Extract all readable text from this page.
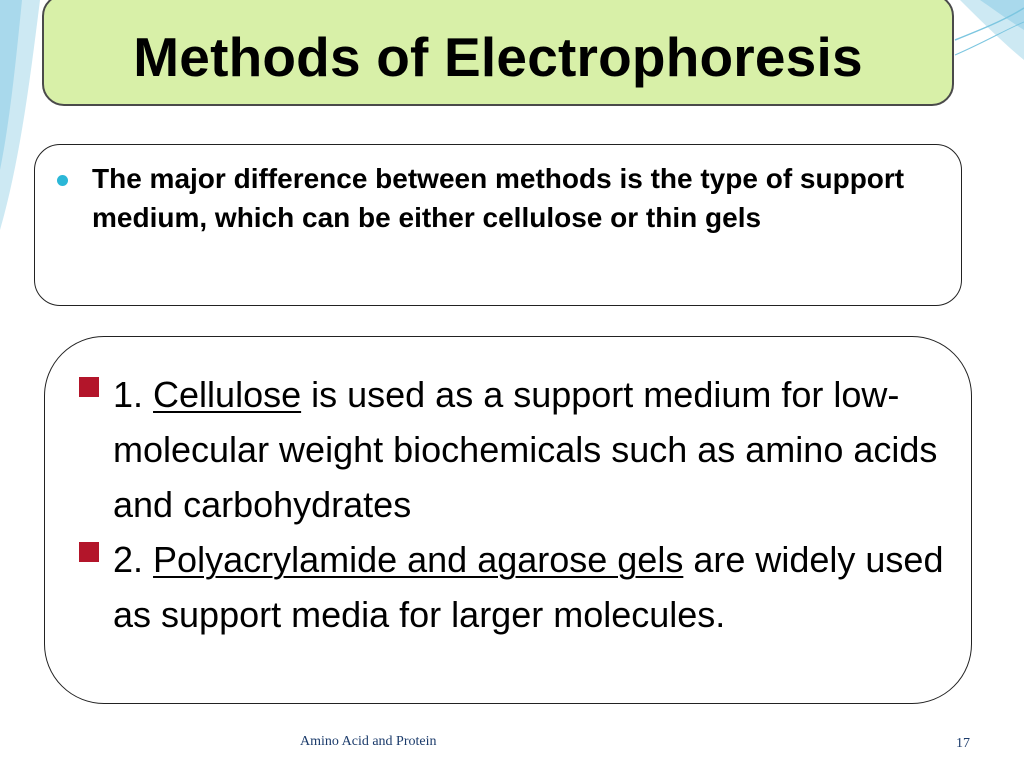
Methods of Electrophoresis
The major difference between methods is the type of support medium, which can be either cellulose or thin gels
1. Cellulose is used as a support medium for low-molecular weight biochemicals such as amino acids and carbohydrates
2. Polyacrylamide and agarose gels are widely used as support media for larger molecules.
Amino Acid and Protein	17
